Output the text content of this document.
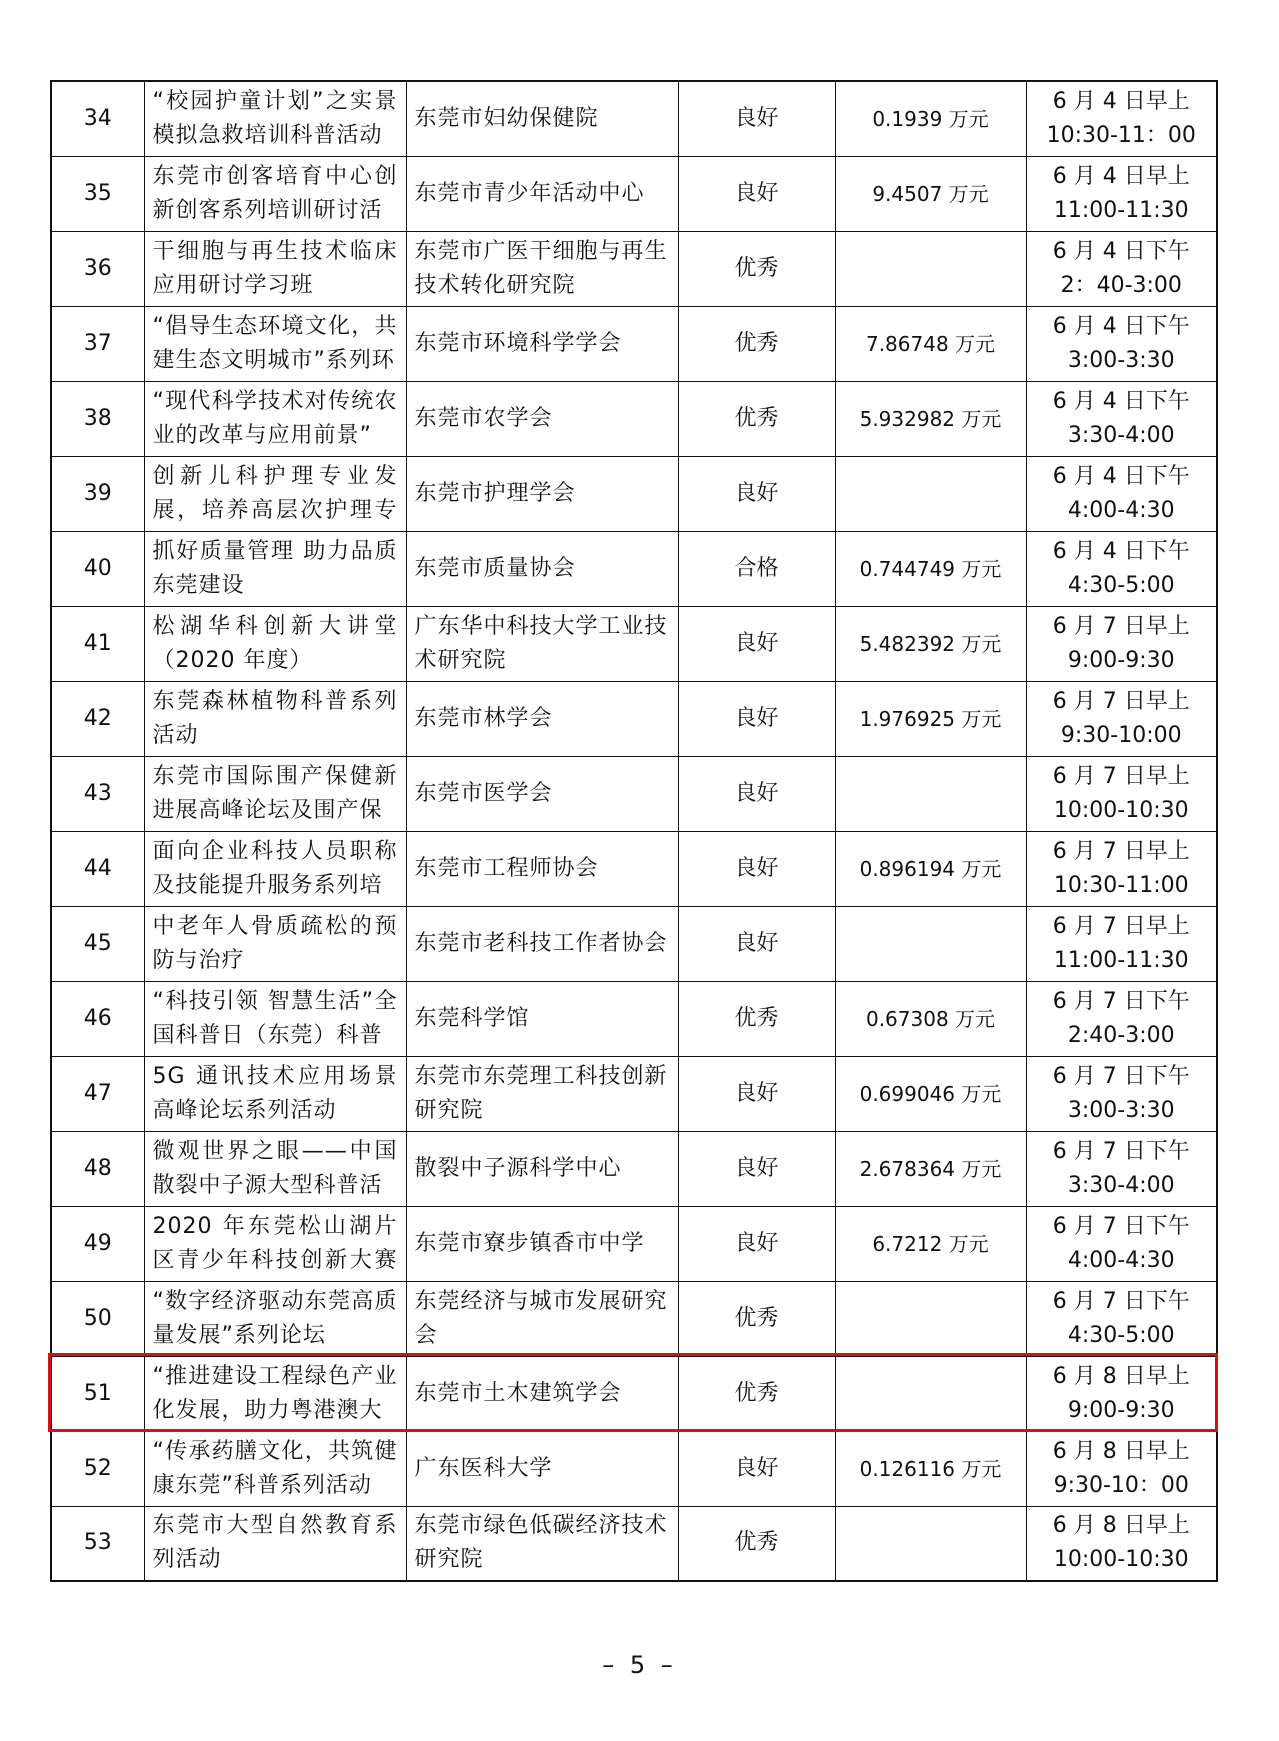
34	“校园护童计划”之实景模拟急救培训科普活动	东莞市妇幼保健院	良好	0.1939 万元	6 月 4 日早上
10:30-11：00

35	东莞市创客培育中心创新创客系列培训研讨活	东莞市青少年活动中心	良好	9.4507 万元	6 月 4 日早上
11:00-11:30

36	干细胞与再生技术临床应用研讨学习班	东莞市广医干细胞与再生技术转化研究院	优秀		6 月 4 日下午
2：40-3:00

37	“倡导生态环境文化，共建生态文明城市”系列环	东莞市环境科学学会	优秀	7.86748 万元	6 月 4 日下午
3:00-3:30

38	“现代科学技术对传统农业的改革与应用前景”	东莞市农学会	优秀	5.932982 万元	6 月 4 日下午
3:30-4:00

39	创新儿科护理专业发展，培养高层次护理专	东莞市护理学会	良好		6 月 4 日下午
4:00-4:30

40	抓好质量管理 助力品质东莞建设	东莞市质量协会	合格	0.744749 万元	6 月 4 日下午
4:30-5:00

41	松湖华科创新大讲堂（2020 年度）	广东华中科技大学工业技术研究院	良好	5.482392 万元	6 月 7 日早上
9:00-9:30

42	东莞森林植物科普系列活动	东莞市林学会	良好	1.976925 万元	6 月 7 日早上
9:30-10:00

43	东莞市国际围产保健新进展高峰论坛及围产保	东莞市医学会	良好		6 月 7 日早上
10:00-10:30

44	面向企业科技人员职称及技能提升服务系列培	东莞市工程师协会	良好	0.896194 万元	6 月 7 日早上
10:30-11:00

45	中老年人骨质疏松的预防与治疗	东莞市老科技工作者协会	良好		6 月 7 日早上
11:00-11:30

46	“科技引领 智慧生活”全国科普日（东莞）科普	东莞科学馆	优秀	0.67308 万元	6 月 7 日下午
2:40-3:00

47	5G 通讯技术应用场景高峰论坛系列活动	东莞市东莞理工科技创新研究院	良好	0.699046 万元	6 月 7 日下午
3:00-3:30

48	微观世界之眼——中国散裂中子源大型科普活	散裂中子源科学中心	良好	2.678364 万元	6 月 7 日下午
3:30-4:00

49	2020 年东莞松山湖片区青少年科技创新大赛	东莞市寮步镇香市中学	良好	6.7212 万元	6 月 7 日下午
4:00-4:30

50	“数字经济驱动东莞高质量发展”系列论坛	东莞经济与城市发展研究会	优秀		6 月 7 日下午
4:30-5:00

51	“推进建设工程绿色产业化发展，助力粤港澳大	东莞市土木建筑学会	优秀		6 月 8 日早上
9:00-9:30

52	“传承药膳文化，共筑健康东莞”科普系列活动	广东医科大学	良好	0.126116 万元	6 月 8 日早上
9:30-10：00

53	东莞市大型自然教育系列活动	东莞市绿色低碳经济技术研究院	优秀		6 月 8 日早上
10:00-10:30
– 5 –
